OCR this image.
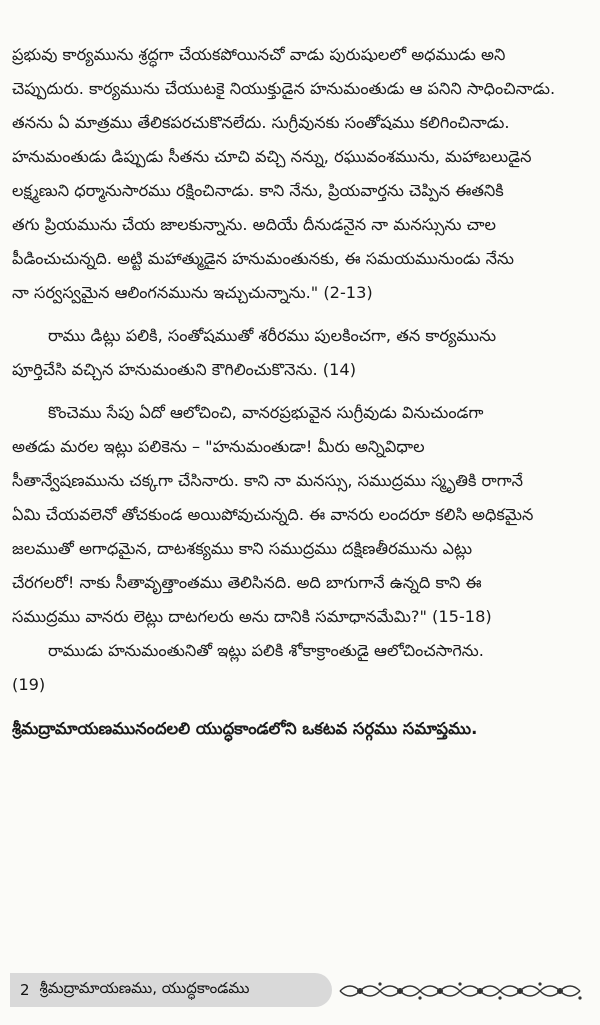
ప్రభువు కార్యమును శ్రద్ధగా చేయకపోయినచో వాడు పురుషులలో అధముడు అని
చెప్పుదురు. కార్యమును చేయుటకై నియుక్తుడైన హనుమంతుడు ఆ పనిని సాధించినాడు.
తనను ఏ మాత్రము తేలికపరచుకొనలేదు. సుగ్రీవునకు సంతోషము కలిగించినాడు.
హనుమంతుడు డిప్పుడు సీతను చూచి వచ్చి నన్ను, రఘువంశమును, మహాబలుడైన
లక్ష్మణుని ధర్మానుసారము రక్షించినాడు. కాని నేను, ప్రియవార్తను చెప్పిన ఈతనికి
తగు ప్రియమును చేయ జాలకున్నాను. అదియే దీనుడనైన నా మనస్సును చాల
పీడించుచున్నది. అట్టి మహాత్ముడైన హనుమంతునకు, ఈ సమయమునుండు నేను
నా సర్వస్వమైన ఆలింగనమును ఇచ్చుచున్నాను." (2-13)
రాము డిట్లు పలికి, సంతోషముతో శరీరము పులకించగా, తన కార్యమును
పూర్తిచేసి వచ్చిన హనుమంతుని కౌగిలించుకొనెను. (14)
కొంచెము సేపు ఏదో ఆలోచించి, వానరప్రభువైన సుగ్రీవుడు వినుచుండగా
అతడు మరల ఇట్లు పలికెను – "హనుమంతుడా! మీరు అన్నివిధాల
సీతాన్వేషణమును చక్కగా చేసినారు. కాని నా మనస్సు, సముద్రము స్మృతికి రాగానే
ఏమి చేయవలెనో తోచకుండ అయిపోవుచున్నది. ఈ వానరు లందరూ కలిసి అధికమైన
జలముతో అగాధమైన, దాటశక్యము కాని సముద్రము దక్షిణతీరమును ఎట్లు
చేరగలరో! నాకు సీతావృత్తాంతము తెలిసినది. అది బాగుగానే ఉన్నది కాని ఈ
సముద్రము వానరు లెట్లు దాటగలరు అను దానికి సమాధానమేమి?" (15-18)
రాముడు హనుమంతునితో ఇట్లు పలికి శోకాక్రాంతుడై ఆలోచించసాగెను.
(19)
శ్రీమద్రామాయణమునందలలి యుద్ధకాండలోని ఒకటవ సర్గము సమాప్తము.
2 శ్రీమద్రామాయణము, యుద్ధకాండము
